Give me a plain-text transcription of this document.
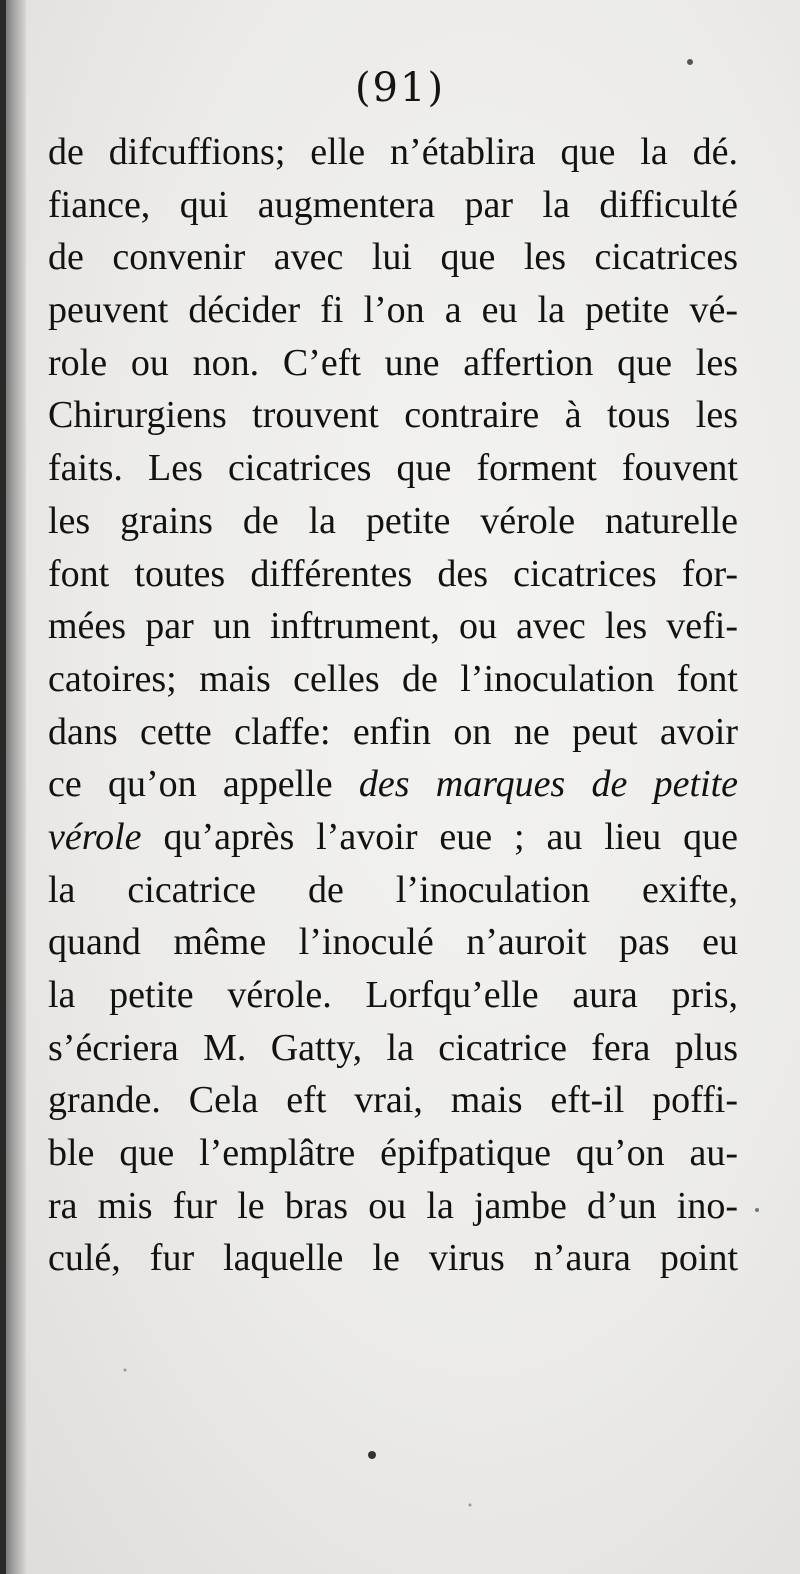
(91)
de difcuffions; elle n’établira que la dé.
fiance, qui augmentera par la difficulté
de convenir avec lui que les cicatrices
peuvent décider fi l’on a eu la petite vé-
role ou non. C’eft une affertion que les
Chirurgiens trouvent contraire à tous les
faits. Les cicatrices que forment fouvent
les grains de la petite vérole naturelle
font toutes différentes des cicatrices for-
mées par un inftrument, ou avec les vefi-
catoires; mais celles de l’inoculation font
dans cette claffe: enfin on ne peut avoir
ce qu’on appelle des marques de petite
vérole qu’après l’avoir eue ; au lieu que
la cicatrice de l’inoculation exifte,
quand même l’inoculé n’auroit pas eu
la petite vérole. Lorfqu’elle aura pris,
s’écriera M. Gatty, la cicatrice fera plus
grande. Cela eft vrai, mais eft-il poffi-
ble que l’emplâtre épifpatique qu’on au-
ra mis fur le bras ou la jambe d’un ino-
culé, fur laquelle le virus n’aura point
